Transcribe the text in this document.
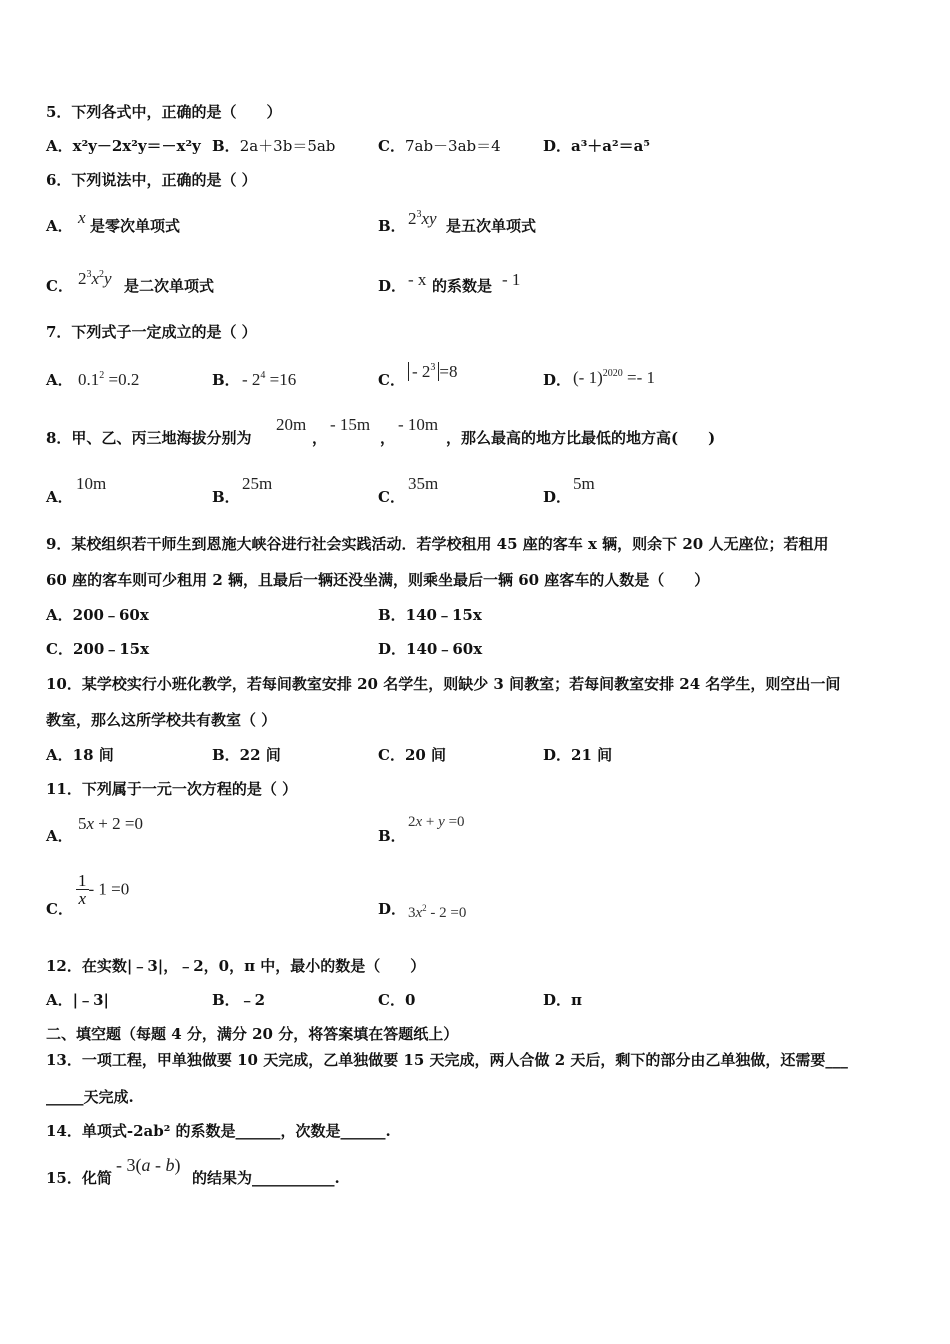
5．下列各式中，正确的是（　　）
A．x²y－2x²y＝－x²y B．2a＋3b＝5ab	C．7ab－3ab＝4	D．a³＋a²＝a⁵
6．下列说法中，正确的是（ ）
A． x 是零次单项式	B． $2^3xy$ 是五次单项式
C． $2^3x^2y$ 是二次单项式	D． - x 的系数是 - 1
7．下列式子一定成立的是（ ）
A． $0.1^2 =0.2$	B． - $2^4 =16$	C． - $2^3 =8$	D． (- 1)$^{2020}$ =- 1
8．甲、乙、丙三地海拔分别为
20m
，
- 15m
，
- 10m
，那么最高的地方比最低的地方高(　　)
A．
10m
B．
25m
C．
35m
D．
5m
9．某校组织若干师生到恩施大峡谷进行社会实践活动．若学校租用 45 座的客车 x 辆，则余下 20 人无座位；若租用
60 座的客车则可少租用 2 辆，且最后一辆还没坐满，则乘坐最后一辆 60 座客车的人数是（　　）
A．200﹣60x	B．140﹣15x
C．200﹣15x	D．140﹣60x
10．某学校实行小班化教学，若每间教室安排 20 名学生，则缺少 3 间教室；若每间教室安排 24 名学生，则空出一间
教室，那么这所学校共有教室（ ）
A．18 间	B．22 间	C．20 间	D．21 间
11．下列属于一元一次方程的是（ ）
A．
5x + 2 =0
B．
2x + y =0
C．
$\frac{1}{x} - 1 =0$
D． $3x^2 - 2 =0$
12．在实数|﹣3|，﹣2，0，π 中，最小的数是（　　）
A．|﹣3|	B．﹣2	C．0	D．π
二、填空题（每题 4 分，满分 20 分，将答案填在答题纸上）
13．一项工程，甲单独做要 10 天完成，乙单独做要 15 天完成，两人合做 2 天后，剩下的部分由乙单独做，还需要___
_____天完成.
14．单项式-2ab² 的系数是______，次数是______.
15．化简
- 3(a - b)
的结果为___________.
